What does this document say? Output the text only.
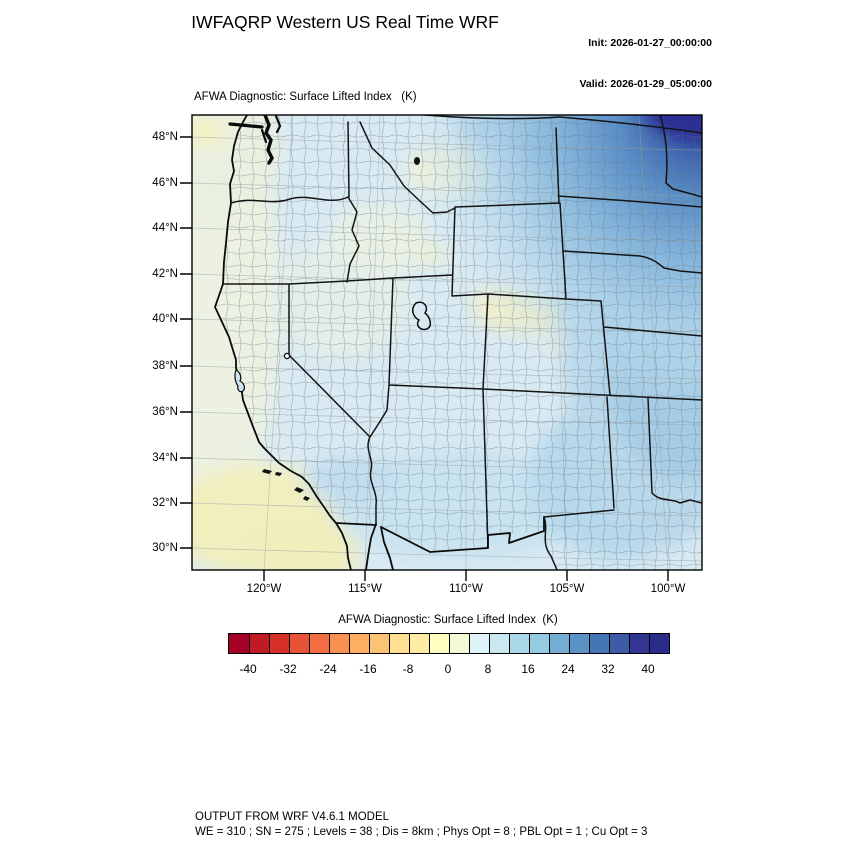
IWFAQRP Western US Real Time WRF

Init: 2026-01-27_00:00:00

Valid: 2026-01-29_05:00:00

AFWA Diagnostic: Surface Lifted Index   (K)
48°N
46°N
44°N
42°N
40°N
38°N
36°N
34°N
32°N
30°N
120°W	115°W	110°W	105°W	100°W
AFWA Diagnostic: Surface Lifted Index  (K)
-40	-32	-24	-16	-8	0	8	16	24	32	40
OUTPUT FROM WRF V4.6.1 MODEL
WE = 310 ; SN = 275 ; Levels = 38 ; Dis = 8km ; Phys Opt = 8 ; PBL Opt = 1 ; Cu Opt = 3
